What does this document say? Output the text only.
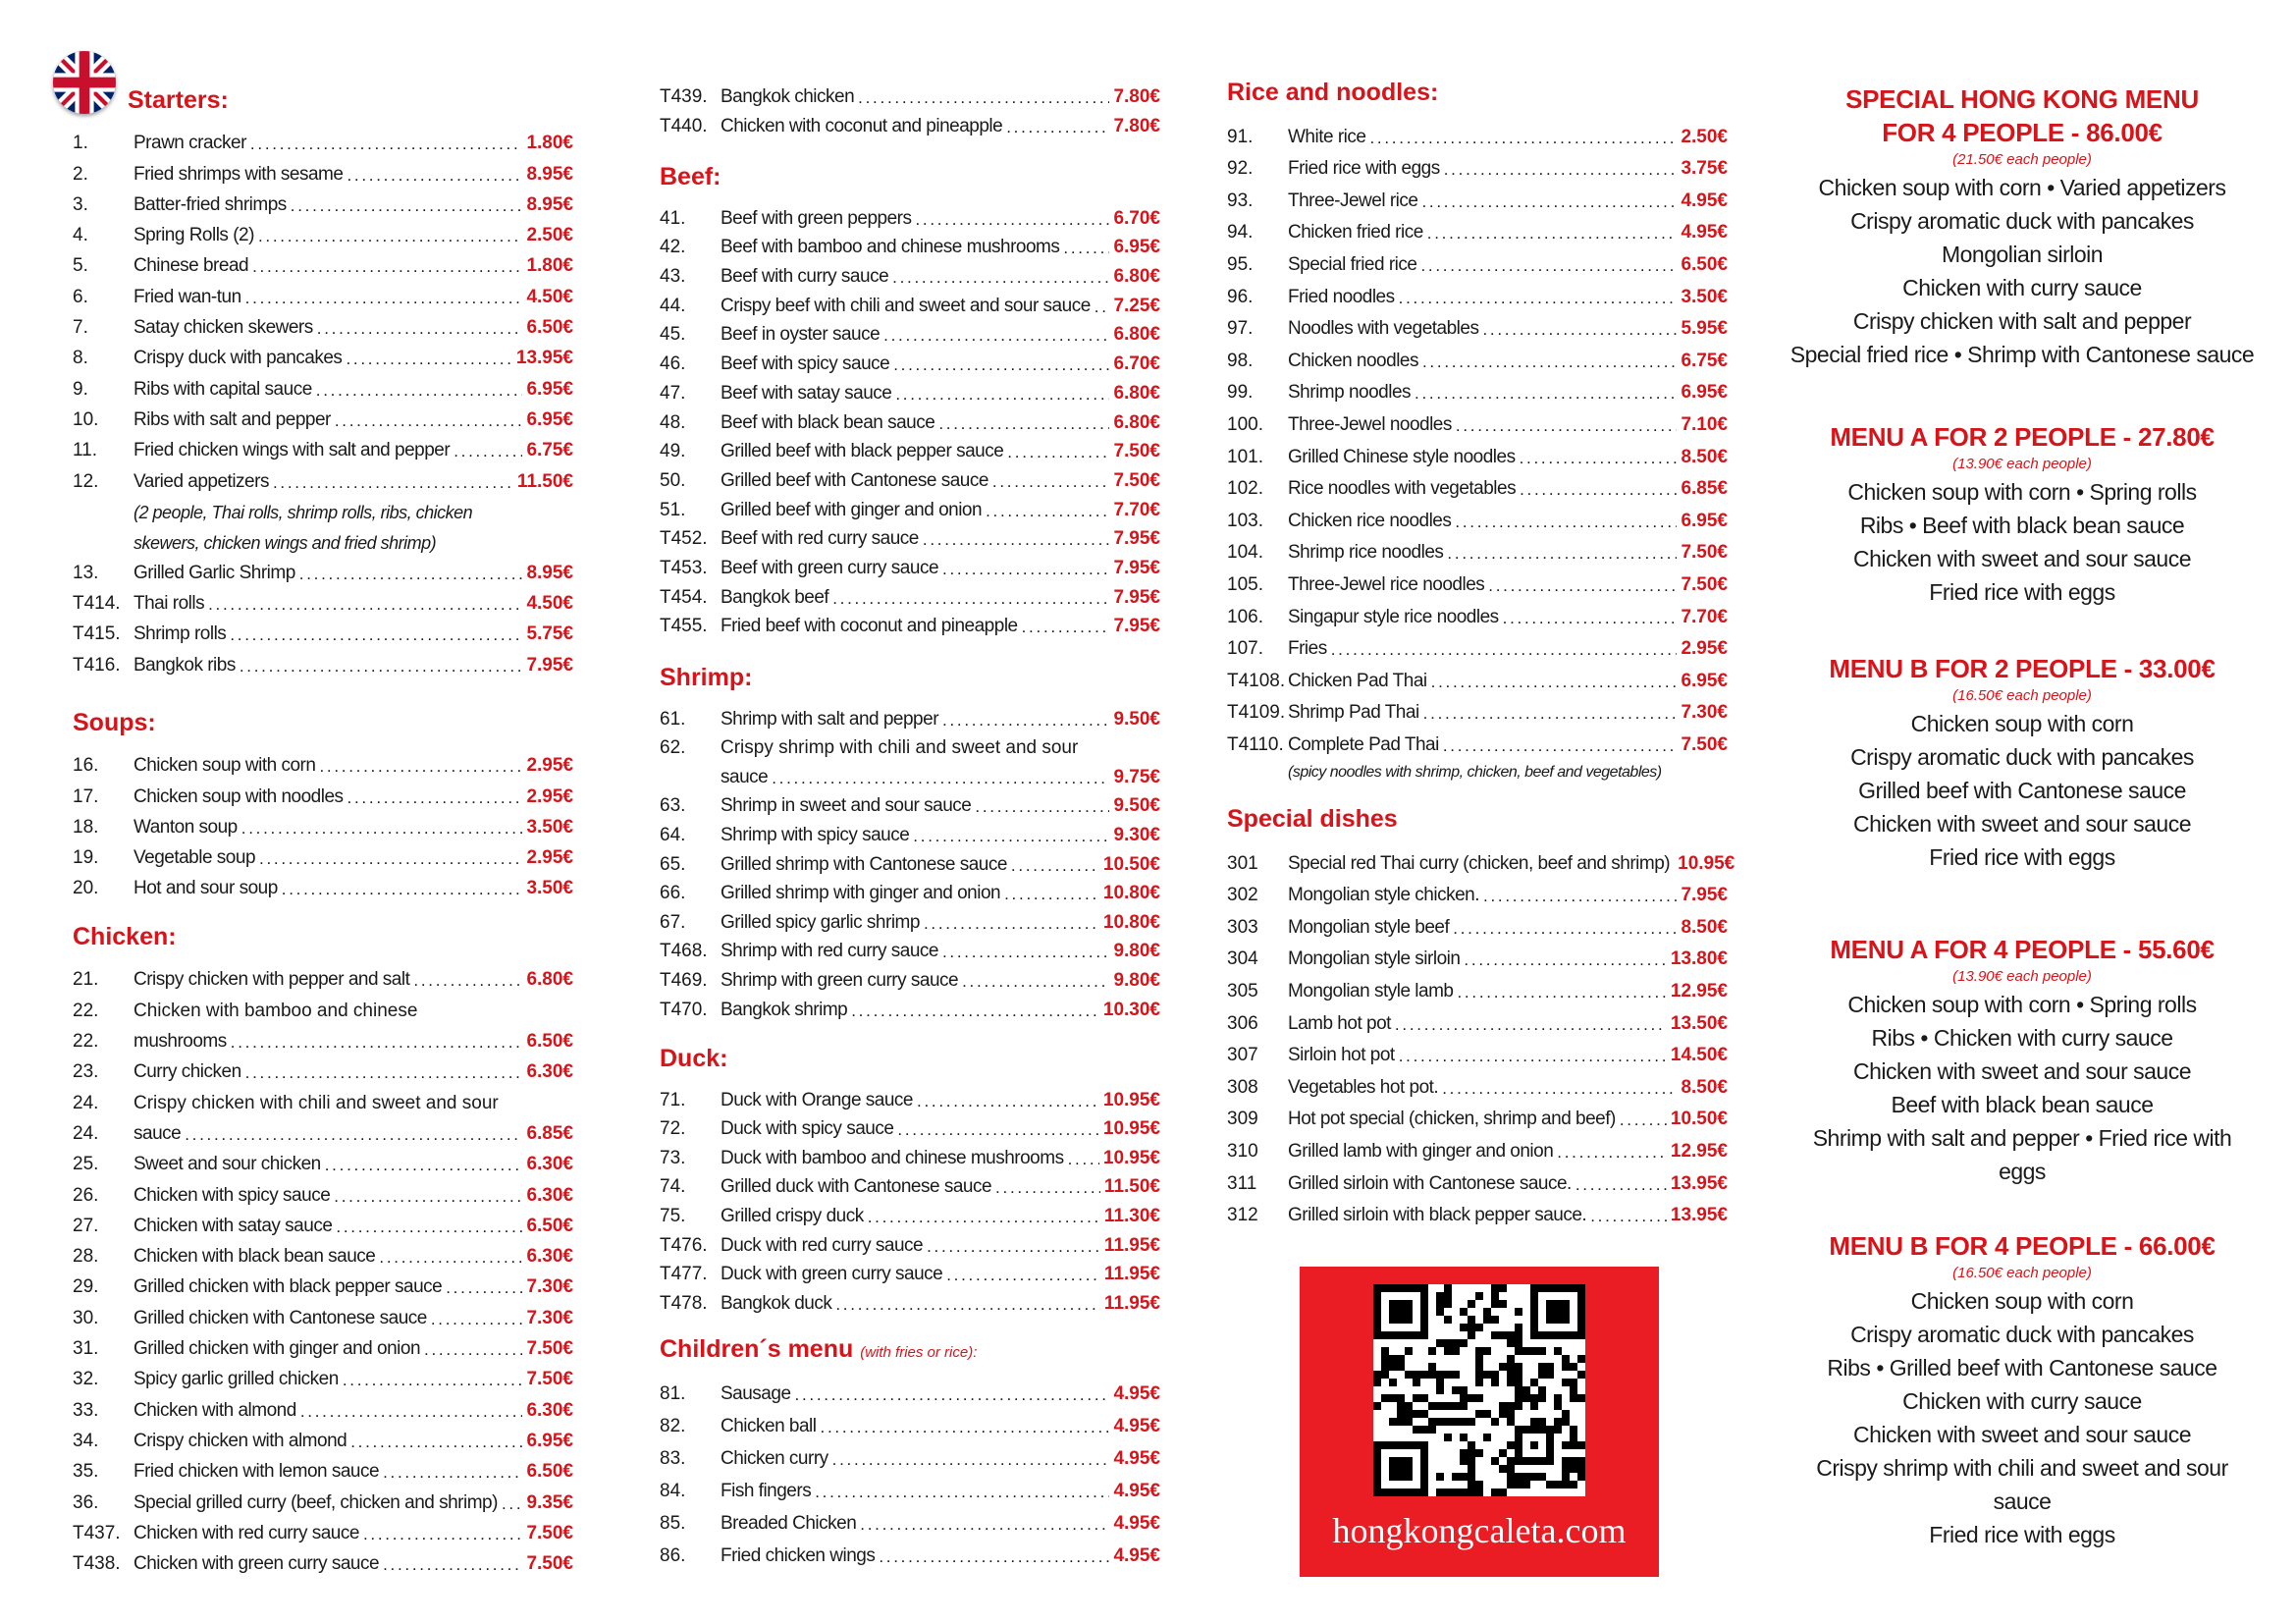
Starters:
1.	Prawn cracker . . .	1.80€
2.	Fried shrimps with sesame . . .	8.95€
3.	Batter-fried shrimps . . .	8.95€
4.	Spring Rolls (2) . . .	2.50€
5.	Chinese bread . . .	1.80€
6.	Fried wan-tun . . .	4.50€
7.	Satay chicken skewers . . .	6.50€
8.	Crispy duck with pancakes . . .	13.95€
9.	Ribs with capital sauce . . .	6.95€
10.	Ribs with salt and pepper . . .	6.95€
11.	Fried chicken wings with salt and pepper . . .	6.75€
12.	Varied appetizers . . .	11.50€
(2 people, Thai rolls, shrimp rolls, ribs, chicken
skewers, chicken wings and fried shrimp)
13.	Grilled Garlic Shrimp . . .	8.95€
T414. Thai rolls . . .	4.50€
T415. Shrimp rolls . . .	5.75€
T416. Bangkok ribs . . .	7.95€
Soups:
16.	Chicken soup with corn . . .	2.95€
17.	Chicken soup with noodles . . .	2.95€
18.	Wanton soup . . .	3.50€
19.	Vegetable soup . . .	2.95€
20.	Hot and sour soup . . .	3.50€
Chicken:
21.	Crispy chicken with pepper and salt . . .	6.80€
22.	Chicken with bamboo and chinese
22.	mushrooms . . .	6.50€
23.	Curry chicken . . .	6.30€
24.	Crispy chicken with chili and sweet and sour
24.	sauce . . .	6.85€
25.	Sweet and sour chicken . . .	6.30€
26.	Chicken with spicy sauce . . .	6.30€
27.	Chicken with satay sauce . . .	6.50€
28.	Chicken with black bean sauce . . .	6.30€
29.	Grilled chicken with black pepper sauce . . .	7.30€
30.	Grilled chicken with Cantonese sauce . . .	7.30€
31.	Grilled chicken with ginger and onion . . .	7.50€
32.	Spicy garlic grilled chicken . . .	7.50€
33.	Chicken with almond . . .	6.30€
34.	Crispy chicken with almond . . .	6.95€
35.	Fried chicken with lemon sauce . . .	6.50€
36.	Special grilled curry (beef, chicken and shrimp) . . . 9.35€
T437. Chicken with red curry sauce . . .	7.50€
T438. Chicken with green curry sauce . . .	7.50€
T439. Bangkok chicken . . .	7.80€
T440. Chicken with coconut and pineapple . . .	7.80€
Beef:
41.	Beef with green peppers . . .	6.70€
42.	Beef with bamboo and chinese mushrooms . . .	6.95€
43.	Beef with curry sauce . . .	6.80€
44.	Crispy beef with chili and sweet and sour sauce . . . 7.25€
45.	Beef in oyster sauce . . .	6.80€
46.	Beef with spicy sauce . . .	6.70€
47.	Beef with satay sauce . . .	6.80€
48.	Beef with black bean sauce . . .	6.80€
49.	Grilled beef with black pepper sauce . . .	7.50€
50.	Grilled beef with Cantonese sauce . . .	7.50€
51.	Grilled beef with ginger and onion . . .	7.70€
T452. Beef with red curry sauce . . .	7.95€
T453. Beef with green curry sauce . . .	7.95€
T454. Bangkok beef . . .	7.95€
T455. Fried beef with coconut and pineapple . . .	7.95€
Shrimp:
61.	Shrimp with salt and pepper . . .	9.50€
62.	Crispy shrimp with chili and sweet and sour
sauce . . .	9.75€
63.	Shrimp in sweet and sour sauce . . .	9.50€
64.	Shrimp with spicy sauce . . .	9.30€
65.	Grilled shrimp with Cantonese sauce . . .	10.50€
66.	Grilled shrimp with ginger and onion . . .	10.80€
67.	Grilled spicy garlic shrimp . . .	10.80€
T468. Shrimp with red curry sauce . . .	9.80€
T469. Shrimp with green curry sauce . . .	9.80€
T470. Bangkok shrimp . . .	10.30€
Duck:
71.	Duck with Orange sauce . . .	10.95€
72.	Duck with spicy sauce . . .	10.95€
73.	Duck with bamboo and chinese mushrooms . . . 10.95€
74.	Grilled duck with Cantonese sauce . . .	11.50€
75.	Grilled crispy duck . . .	11.30€
T476. Duck with red curry sauce . . .	11.95€
T477. Duck with green curry sauce . . .	11.95€
T478. Bangkok duck . . .	11.95€
Children´s menu (with fries or rice):
81.	Sausage . . .	4.95€
82.	Chicken ball . . .	4.95€
83.	Chicken curry . . .	4.95€
84.	Fish fingers . . .	4.95€
85.	Breaded Chicken . . .	4.95€
86.	Fried chicken wings . . .	4.95€
Rice and noodles:
91.	White rice . . .	2.50€
92.	Fried rice with eggs . . .	3.75€
93.	Three-Jewel rice . . .	4.95€
94.	Chicken fried rice . . .	4.95€
95.	Special fried rice . . .	6.50€
96.	Fried noodles . . .	3.50€
97.	Noodles with vegetables . . .	5.95€
98.	Chicken noodles . . .	6.75€
99.	Shrimp noodles . . .	6.95€
100.	Three-Jewel noodles . . .	7.10€
101.	Grilled Chinese style noodles . . .	8.50€
102.	Rice noodles with vegetables . . .	6.85€
103.	Chicken rice noodles . . .	6.95€
104.	Shrimp rice noodles . . .	7.50€
105.	Three-Jewel rice noodles . . .	7.50€
106.	Singapur style rice noodles . . .	7.70€
107.	Fries . . .	2.95€
T4108. Chicken Pad Thai . . .	6.95€
T4109. Shrimp Pad Thai . . .	7.30€
T4110. Complete Pad Thai . . .	7.50€
(spicy noodles with shrimp, chicken, beef and vegetables)
Special dishes
301	Special red Thai curry (chicken, beef and shrimp) 10.95€
302	Mongolian style chicken. . . .	7.95€
303	Mongolian style beef . . .	8.50€
304	Mongolian style sirloin . . .	13.80€
305	Mongolian style lamb . . .	12.95€
306	Lamb hot pot . . .	13.50€
307	Sirloin hot pot . . .	14.50€
308	Vegetables hot pot. . . .	8.50€
309	Hot pot special (chicken, shrimp and beef) . . .	10.50€
310	Grilled lamb with ginger and onion . . .	12.95€
311	Grilled sirloin with Cantonese sauce. . . .	13.95€
312	Grilled sirloin with black pepper sauce. . . .	13.95€
hongkongcaleta.com
SPECIAL HONG KONG MENU
FOR 4 PEOPLE - 86.00€
(21.50€ each people)
Chicken soup with corn • Varied appetizers
Crispy aromatic duck with pancakes
Mongolian sirloin
Chicken with curry sauce
Crispy chicken with salt and pepper
Special fried rice • Shrimp with Cantonese sauce
MENU A FOR 2 PEOPLE - 27.80€
(13.90€ each people)
Chicken soup with corn • Spring rolls
Ribs • Beef with black bean sauce
Chicken with sweet and sour sauce
Fried rice with eggs
MENU B FOR 2 PEOPLE - 33.00€
(16.50€ each people)
Chicken soup with corn
Crispy aromatic duck with pancakes
Grilled beef with Cantonese sauce
Chicken with sweet and sour sauce
Fried rice with eggs
MENU A FOR 4 PEOPLE - 55.60€
(13.90€ each people)
Chicken soup with corn • Spring rolls
Ribs • Chicken with curry sauce
Chicken with sweet and sour sauce
Beef with black bean sauce
Shrimp with salt and pepper • Fried rice with
eggs
MENU B FOR 4 PEOPLE - 66.00€
(16.50€ each people)
Chicken soup with corn
Crispy aromatic duck with pancakes
Ribs • Grilled beef with Cantonese sauce
Chicken with curry sauce
Chicken with sweet and sour sauce
Crispy shrimp with chili and sweet and sour
sauce
Fried rice with eggs
